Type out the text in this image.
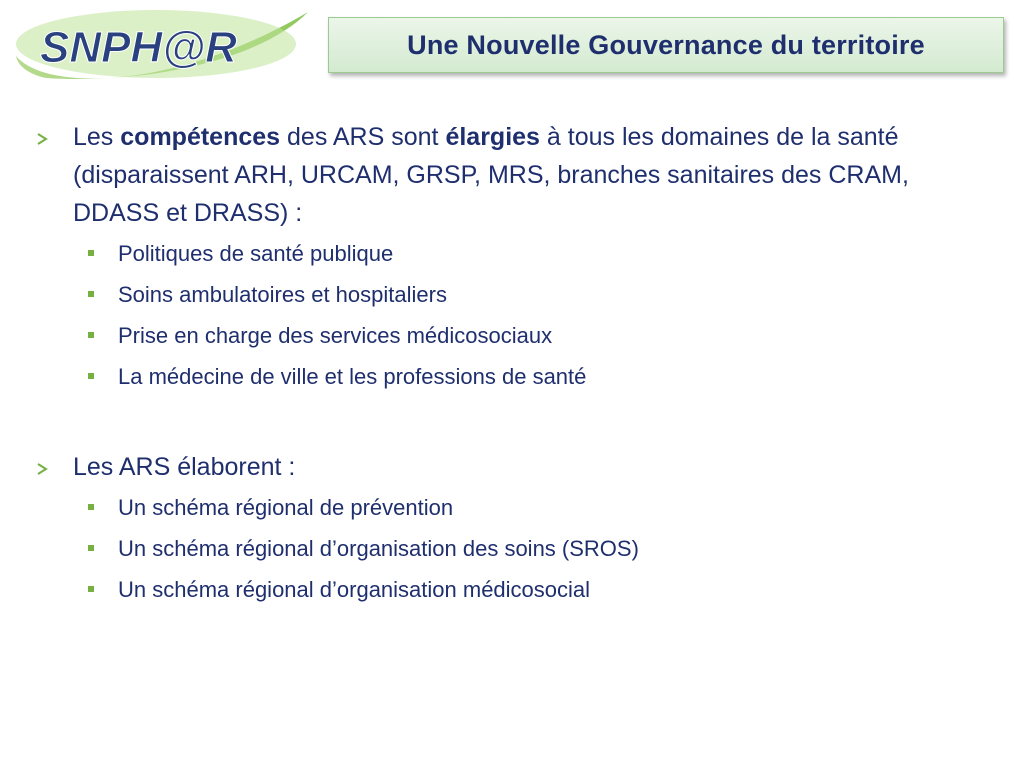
SNPH@R	Une Nouvelle Gouvernance du territoire
Les compétences des ARS sont élargies à tous les domaines de la santé (disparaissent ARH, URCAM, GRSP, MRS, branches sanitaires des CRAM, DDASS et DRASS) :
Politiques de santé publique
Soins ambulatoires et hospitaliers
Prise en charge des services médicosociaux
La médecine de ville et les professions de santé
Les ARS élaborent :
Un schéma régional de prévention
Un schéma régional d’organisation des soins (SROS)
Un schéma régional d’organisation médicosocial
